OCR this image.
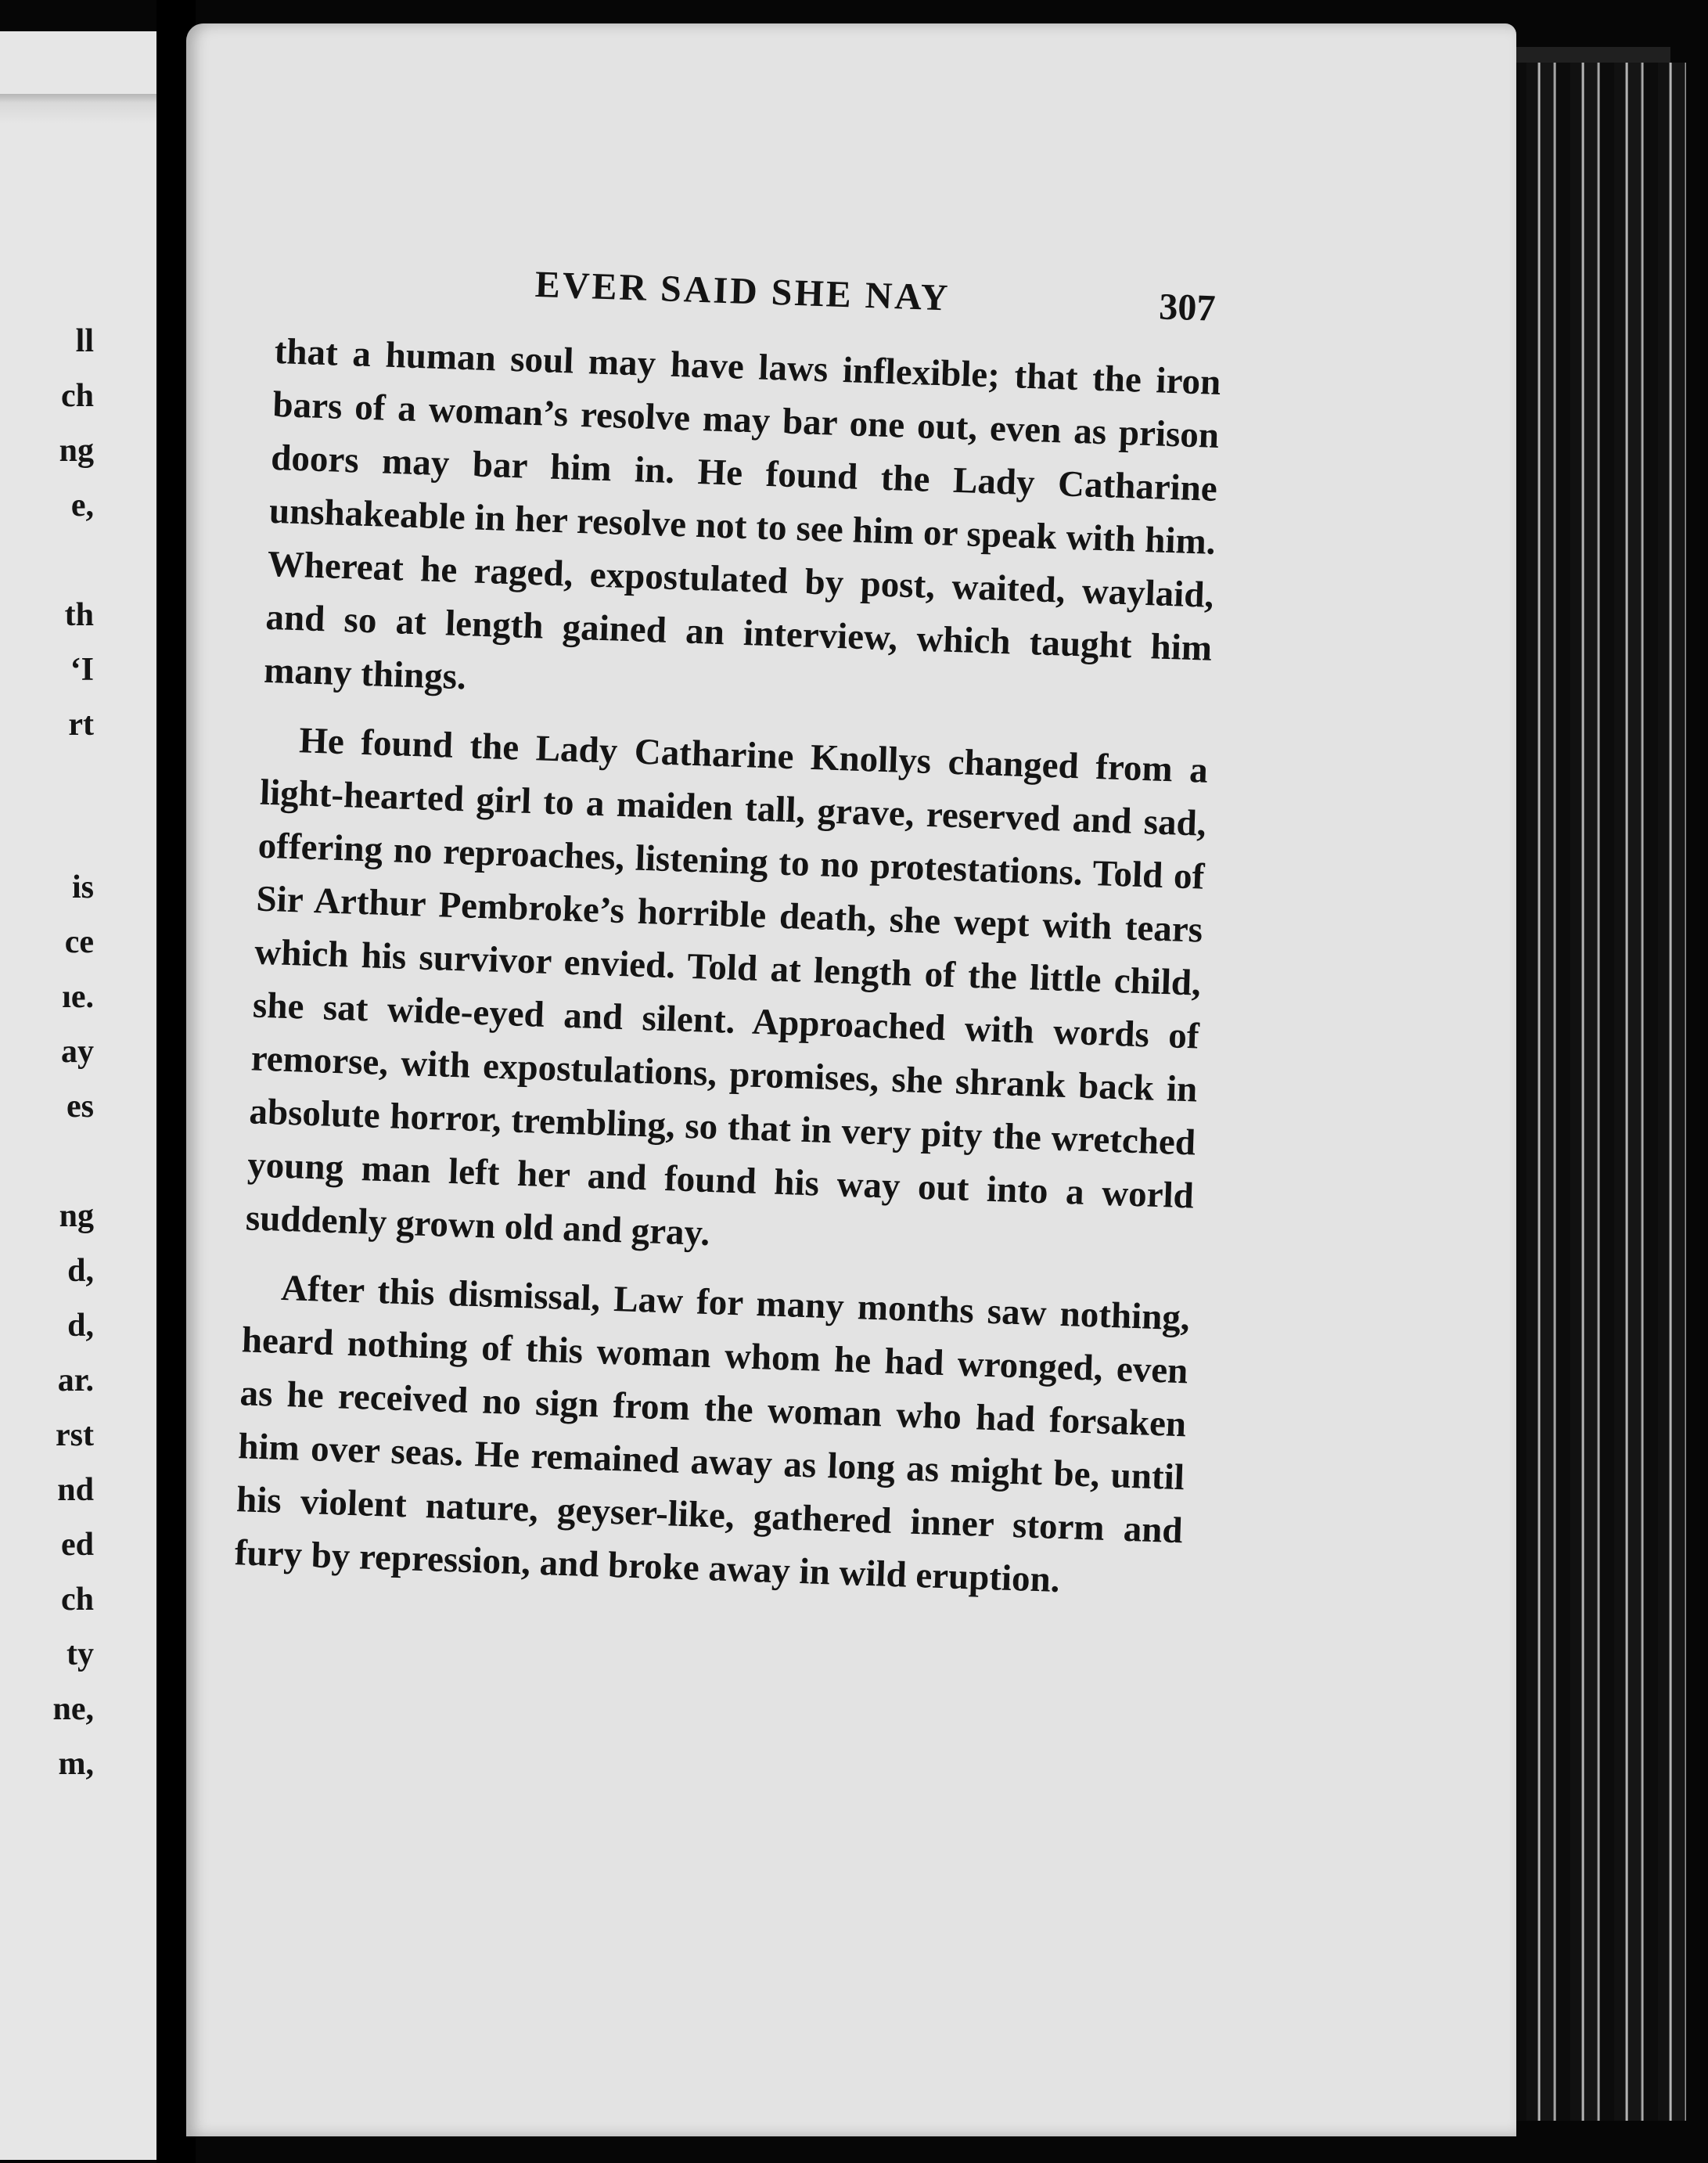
ll
ch
ng
e,
th
‘I
rt
is
ce
ıe.
ay
es
ng
d,
d,
ar.
rst
nd
ed
ch
ty
ne,
m,
EVER SAID SHE NAY	307

that a human soul may have laws inflexible; that the iron bars of a woman’s resolve may bar one out, even as prison doors may bar him in. He found the Lady Catharine unshakeable in her resolve not to see him or speak with him. Whereat he raged, expostulated by post, waited, waylaid, and so at length gained an interview, which taught him many things.

He found the Lady Catharine Knollys changed from a light-hearted girl to a maiden tall, grave, reserved and sad, offering no reproaches, listening to no protestations. Told of Sir Arthur Pembroke’s horrible death, she wept with tears which his survivor envied. Told at length of the little child, she sat wide-eyed and silent. Approached with words of remorse, with expostulations, promises, she shrank back in absolute horror, trembling, so that in very pity the wretched young man left her and found his way out into a world suddenly grown old and gray.

After this dismissal, Law for many months saw nothing, heard nothing of this woman whom he had wronged, even as he received no sign from the woman who had forsaken him over seas. He remained away as long as might be, until his violent nature, geyser-like, gathered inner storm and fury by repression, and broke away in wild eruption.
